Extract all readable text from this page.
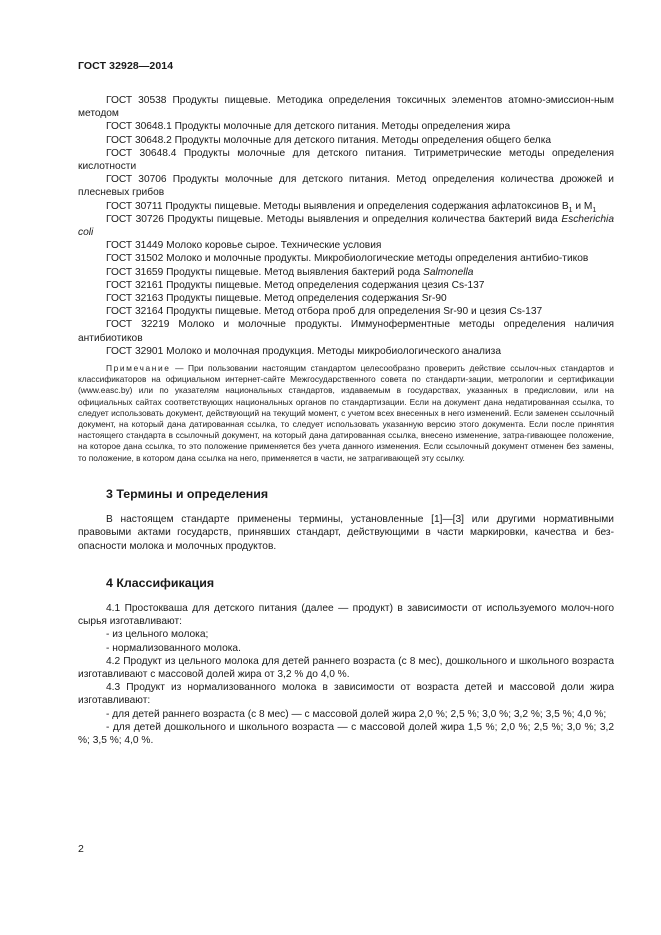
ГОСТ 32928—2014

ГОСТ 30538 Продукты пищевые. Методика определения токсичных элементов атомно-эмиссион-ным методом

ГОСТ 30648.1 Продукты молочные для детского питания. Методы определения жира

ГОСТ 30648.2 Продукты молочные для детского питания. Методы определения общего белка

ГОСТ 30648.4 Продукты молочные для детского питания. Титриметрические методы определения кислотности

ГОСТ 30706 Продукты молочные для детского питания. Метод определения количества дрожжей и плесневых грибов

ГОСТ 30711 Продукты пищевые. Методы выявления и определения содержания афлатоксинов $В_1$ и $М_1$

ГОСТ 30726 Продукты пищевые. Методы выявления и определния количества бактерий вида Escherichia coli

ГОСТ 31449 Молоко коровье сырое. Технические условия

ГОСТ 31502 Молоко и молочные продукты. Микробиологические методы определения антибио-тиков

ГОСТ 31659 Продукты пищевые. Метод выявления бактерий рода Salmonella

ГОСТ 32161 Продукты пищевые. Метод определения содержания цезия Cs-137

ГОСТ 32163 Продукты пищевые. Метод определения содержания Sr-90

ГОСТ 32164 Продукты пищевые. Метод отбора проб для определения Sr-90 и цезия Cs-137

ГОСТ 32219 Молоко и молочные продукты. Иммуноферментные методы определения наличия антибиотиков

ГОСТ 32901 Молоко и молочная продукция. Методы микробиологического анализа

Примечание — При пользовании настоящим стандартом целесообразно проверить действие ссылоч-ных стандартов и классификаторов на официальном интернет-сайте Межгосударственного совета по стандарти-зации, метрологии и сертификации (www.easc.by) или по указателям национальных стандартов, издаваемым в государствах, указанных в предисловии, или на официальных сайтах соответствующих национальных органов по стандартизации. Если на документ дана недатированная ссылка, то следует использовать документ, действующий на текущий момент, с учетом всех внесенных в него изменений. Если заменен ссылочный документ, на который дана датированная ссылка, то следует использовать указанную версию этого документа. Если после принятия настоящего стандарта в ссылочный документ, на который дана датированная ссылка, внесено изменение, затра-гивающее положение, на которое дана ссылка, то это положение применяется без учета данного изменения. Если ссылочный документ отменен без замены, то положение, в котором дана ссылка на него, применяется в части, не затрагивающей эту ссылку.

3 Термины и определения

В настоящем стандарте применены термины, установленные [1]—[3] или другими нормативными правовыми актами государств, принявших стандарт, действующими в части маркировки, качества и без-опасности молока и молочных продуктов.

4 Классификация

4.1 Простокваша для детского питания (далее — продукт) в зависимости от используемого молоч-ного сырья изготавливают:

- из цельного молока;

- нормализованного молока.

4.2 Продукт из цельного молока для детей раннего возраста (с 8 мес), дошкольного и школьного возраста изготавливают с массовой долей жира от 3,2 % до 4,0 %.

4.3 Продукт из нормализованного молока в зависимости от возраста детей и массовой доли жира изготавливают:

- для детей раннего возраста (с 8 мес) — с массовой долей жира 2,0 %; 2,5 %; 3,0 %; 3,2 %; 3,5 %; 4,0 %;

- для детей дошкольного и школьного возраста — с массовой долей жира 1,5 %; 2,0 %; 2,5 %; 3,0 %; 3,2 %; 3,5 %; 4,0 %.

2
